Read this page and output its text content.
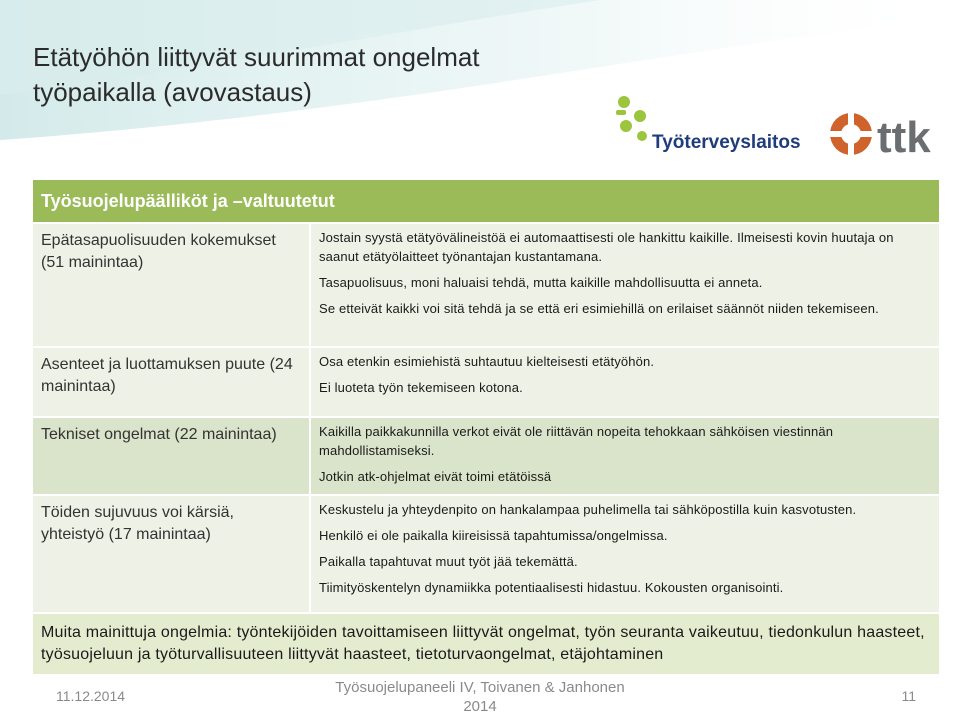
Etätyöhön liittyvät suurimmat ongelmat
työpaikalla (avovastaus)
Työterveyslaitos ttk
Työsuojelupäälliköt ja –valtuutetut
Epätasapuolisuuden kokemukset (51 mainintaa)

Jostain syystä etätyövälineistöä ei automaattisesti ole hankittu kaikille. Ilmeisesti kovin huutaja on saanut etätyölaitteet työnantajan kustantamana.

Tasapuolisuus, moni haluaisi tehdä, mutta kaikille mahdollisuutta ei anneta.

Se etteivät kaikki voi sitä tehdä ja se että eri esimiehillä on erilaiset säännöt niiden tekemiseen.

Asenteet ja luottamuksen puute (24 mainintaa)

Osa etenkin esimiehistä suhtautuu kielteisesti etätyöhön.

Ei luoteta työn tekemiseen kotona.

Tekniset ongelmat (22 mainintaa)	Kaikilla paikkakunnilla verkot eivät ole riittävän nopeita tehokkaan sähköisen viestinnän mahdollistamiseksi.

Jotkin atk-ohjelmat eivät toimi etätöissä

Töiden sujuvuus voi kärsiä, yhteistyö (17 mainintaa)

Keskustelu ja yhteydenpito on hankalampaa puhelimella tai sähköpostilla kuin kasvotusten.

Henkilö ei ole paikalla kiireisissä tapahtumissa/ongelmissa.

Paikalla tapahtuvat muut työt jää tekemättä.

Tiimityöskentelyn dynamiikka potentiaalisesti hidastuu. Kokousten organisointi.

Muita mainittuja ongelmia: työntekijöiden tavoittamiseen liittyvät ongelmat, työn seuranta vaikeutuu, tiedonkulun haasteet, työsuojeluun ja työturvallisuuteen liittyvät haasteet, tietoturvaongelmat, etäjohtaminen
11.12.2014	Työsuojelupaneeli IV, Toivanen & Janhonen
2014
11
